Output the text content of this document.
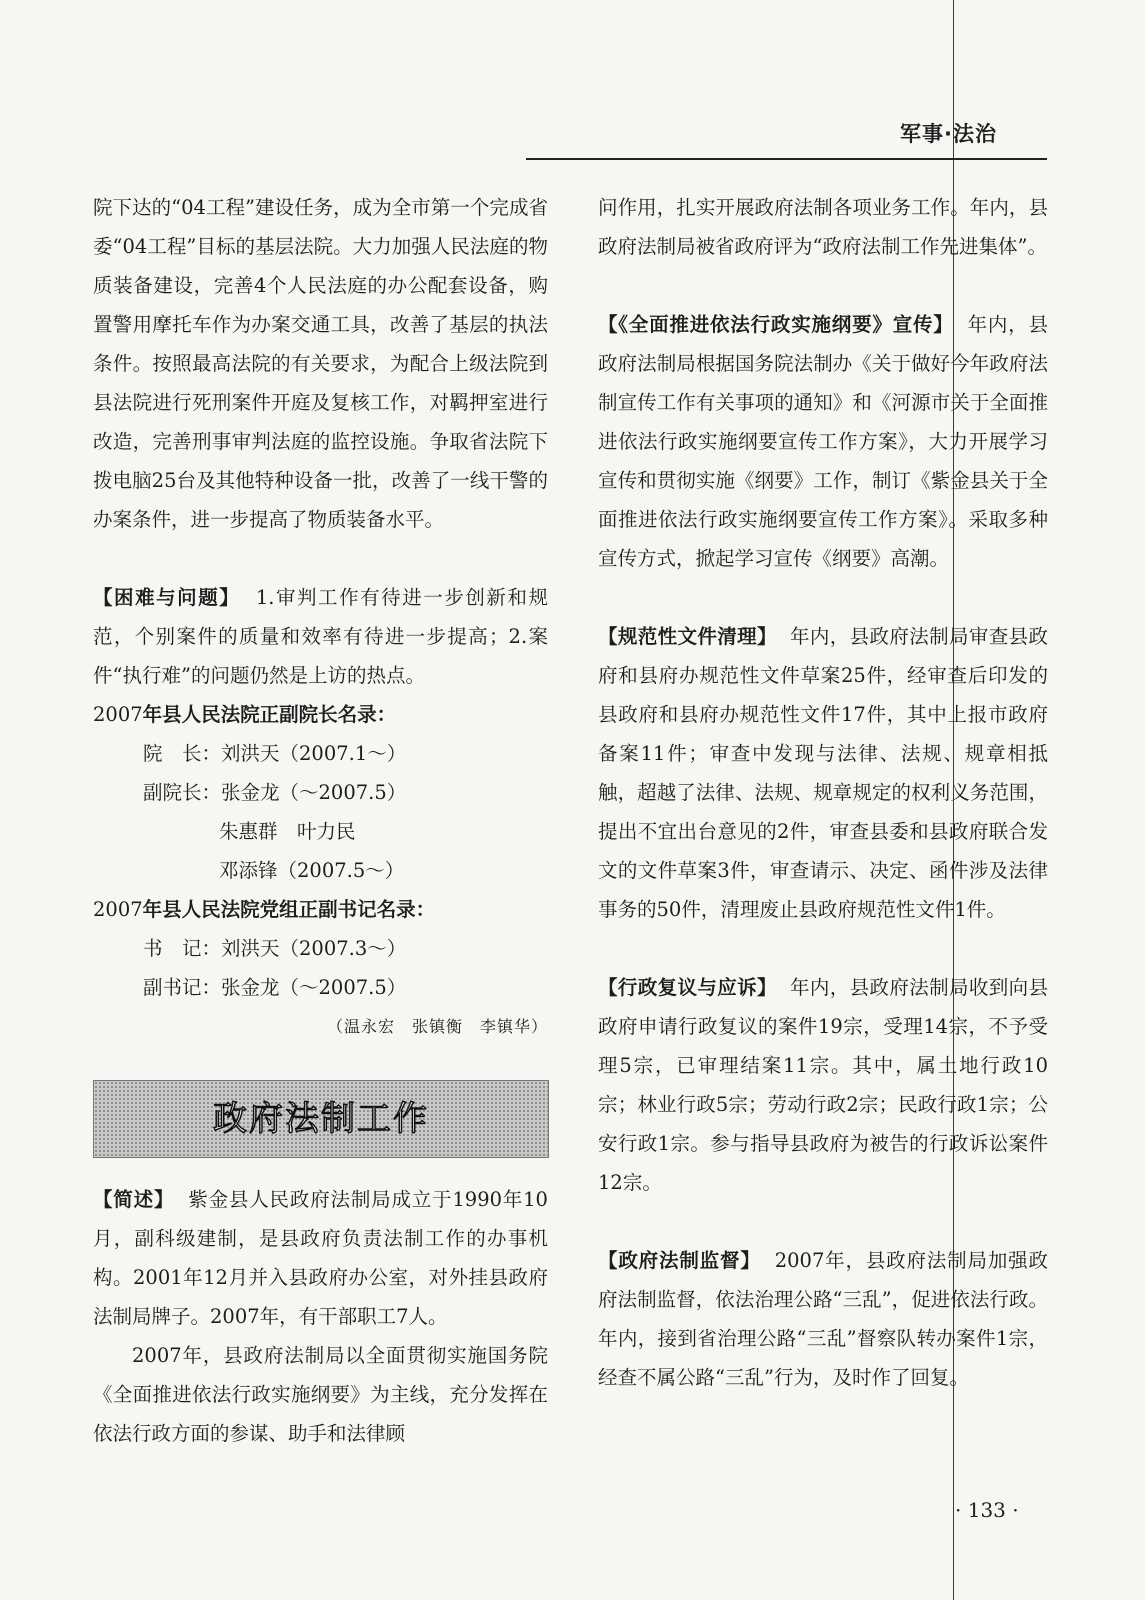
军事·法治

院下达的“04工程”建设任务，成为全市第一个完成省委“04工程”目标的基层法院。大力加强人民法庭的物质装备建设，完善4个人民法庭的办公配套设备，购置警用摩托车作为办案交通工具，改善了基层的执法条件。按照最高法院的有关要求，为配合上级法院到县法院进行死刑案件开庭及复核工作，对羁押室进行改造，完善刑事审判法庭的监控设施。争取省法院下拨电脑25台及其他特种设备一批，改善了一线干警的办案条件，进一步提高了物质装备水平。

【困难与问题】 1.审判工作有待进一步创新和规范，个别案件的质量和效率有待进一步提高；2.案件“执行难”的问题仍然是上访的热点。

2007年县人民法院正副院长名录：

院　长：刘洪天（2007.1～）

副院长：张金龙（～2007.5）

朱惠群　叶力民

邓添锋（2007.5～）

2007年县人民法院党组正副书记名录：

书　记：刘洪天（2007.3～）

副书记：张金龙（～2007.5）

（温永宏　张镇衡　李镇华）

政府法制工作

【简述】 紫金县人民政府法制局成立于1990年10月，副科级建制，是县政府负责法制工作的办事机构。2001年12月并入县政府办公室，对外挂县政府法制局牌子。2007年，有干部职工7人。

2007年，县政府法制局以全面贯彻实施国务院《全面推进依法行政实施纲要》为主线，充分发挥在依法行政方面的参谋、助手和法律顾

问作用，扎实开展政府法制各项业务工作。年内，县政府法制局被省政府评为“政府法制工作先进集体”。

【《全面推进依法行政实施纲要》宣传】 年内，县政府法制局根据国务院法制办《关于做好今年政府法制宣传工作有关事项的通知》和《河源市关于全面推进依法行政实施纲要宣传工作方案》，大力开展学习宣传和贯彻实施《纲要》工作，制订《紫金县关于全面推进依法行政实施纲要宣传工作方案》。采取多种宣传方式，掀起学习宣传《纲要》高潮。

【规范性文件清理】 年内，县政府法制局审查县政府和县府办规范性文件草案25件，经审查后印发的县政府和县府办规范性文件17件，其中上报市政府备案11件；审查中发现与法律、法规、规章相抵触，超越了法律、法规、规章规定的权利义务范围，提出不宜出台意见的2件，审查县委和县政府联合发文的文件草案3件，审查请示、决定、函件涉及法律事务的50件，清理废止县政府规范性文件1件。

【行政复议与应诉】 年内，县政府法制局收到向县政府申请行政复议的案件19宗，受理14宗，不予受理5宗，已审理结案11宗。其中，属土地行政10宗；林业行政5宗；劳动行政2宗；民政行政1宗；公安行政1宗。参与指导县政府为被告的行政诉讼案件12宗。

【政府法制监督】 2007年，县政府法制局加强政府法制监督，依法治理公路“三乱”，促进依法行政。年内，接到省治理公路“三乱”督察队转办案件1宗，经查不属公路“三乱”行为，及时作了回复。

· 133 ·
